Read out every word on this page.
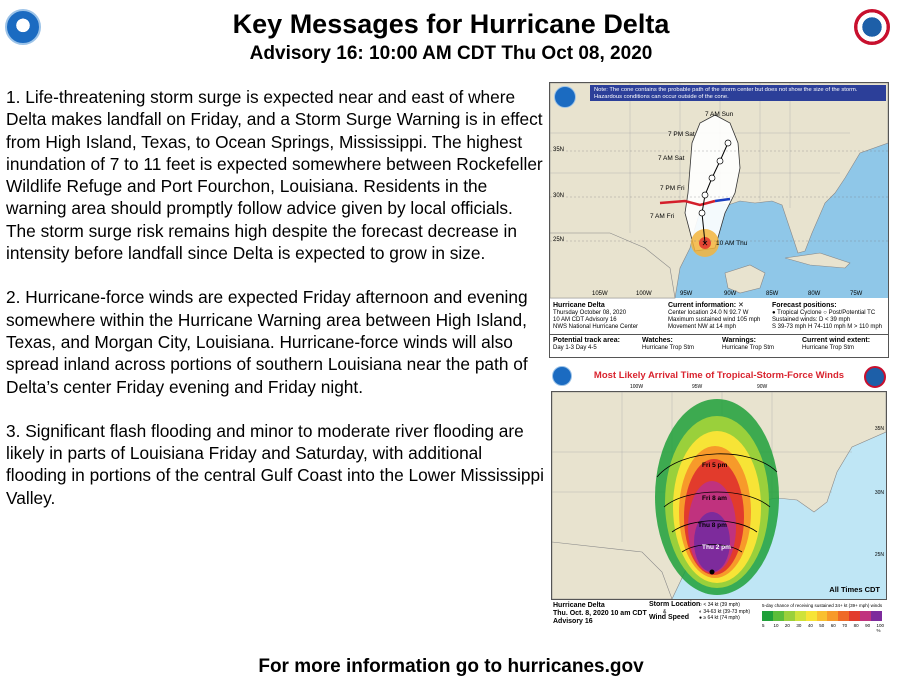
Key Messages for Hurricane Delta
Advisory 16: 10:00 AM CDT Thu Oct 08, 2020

1. Life-threatening storm surge is expected near and east of where Delta makes landfall on Friday, and a Storm Surge Warning is in effect from High Island, Texas, to Ocean Springs, Mississippi. The highest inundation of 7 to 11 feet is expected somewhere between Rockefeller Wildlife Refuge and Port Fourchon, Louisiana. Residents in the warning area should promptly follow advice given by local officials. The storm surge risk remains high despite the forecast decrease in intensity before landfall since Delta is expected to grow in size.

2. Hurricane-force winds are expected Friday afternoon and evening somewhere within the Hurricane Warning area between High Island, Texas, and Morgan City, Louisiana. Hurricane-force winds will also spread inland across portions of southern Louisiana near the path of Delta’s center Friday evening and Friday night.

3. Significant flash flooding and minor to moderate river flooding are likely in parts of Louisiana Friday and Saturday, with additional flooding in portions of the central Gulf Coast into the Lower Mississippi Valley.

✕
Note: The cone contains the probable path of the storm center but does not show the size of the storm. Hazardous conditions can occur outside of the cone.
7 AM Sun
7 PM Sat
7 AM Sat
7 PM Fri
7 AM Fri
10 AM Thu
35N
30N
25N
105W	100W	95W	90W	85W	80W	75W
Hurricane Delta
Thursday October 08, 2020
10 AM CDT Advisory 16
NWS National Hurricane Center
Current information: ✕
Center location 24.0 N 92.7 W
Maximum sustained wind 105 mph
Movement NW at 14 mph
Forecast positions:
● Tropical Cyclone ○ Post/Potential TC
Sustained winds: D < 39 mph
S 39-73 mph H 74-110 mph M > 110 mph
Potential track area:
Day 1-3 Day 4-5
Watches:
Hurricane Trop Stm
Warnings:
Hurricane Trop Stm
Current wind extent:
Hurricane Trop Stm
Most Likely Arrival Time of Tropical-Storm-Force Winds
Fri 5 pm
Fri 8 am
Thu 8 pm
Thu 2 pm
100W	95W	90W
35N
30N
25N
All Times CDT
Hurricane Delta
Thu. Oct. 8, 2020 10 am CDT
Advisory 16
Storm Location
&
Wind Speed
○ < 34 kt (39 mph)
◐ 34-63 kt (39-73 mph)
● ≥ 64 kt (74 mph)
5-day chance of receiving sustained 34+ kt (39+ mph) winds
5	10	20	30	40	50	60	70	80	90	100 %
For more information go to hurricanes.gov
